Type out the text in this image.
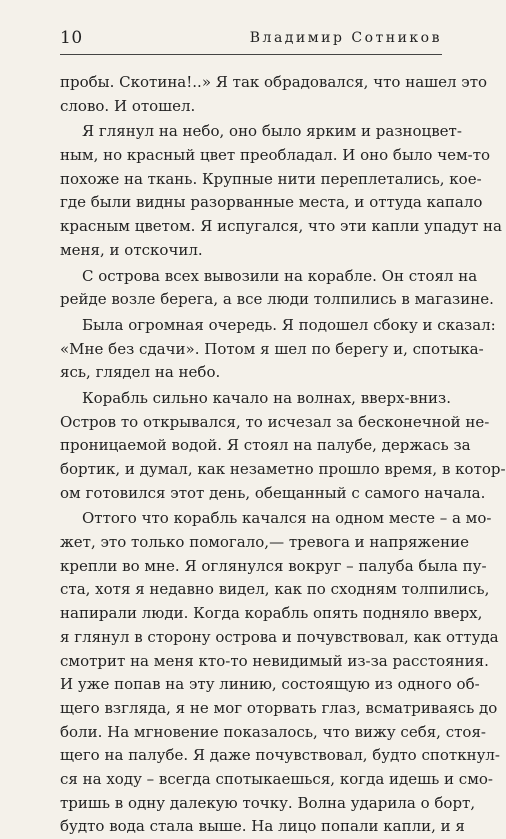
10	Владимир Сотников
пробы. Скотина!..» Я так обрадовался, что нашел это
слово. И отошел.
Я глянул на небо, оно было ярким и разноцвет-
ным, но красный цвет преобладал. И оно было чем-то
похоже на ткань. Крупные нити переплетались, кое-
где были видны разорванные места, и оттуда капало
красным цветом. Я испугался, что эти капли упадут на
меня, и отскочил.
С острова всех вывозили на корабле. Он стоял на
рейде возле берега, а все люди толпились в магазине.
Была огромная очередь. Я подошел сбоку и сказал:
«Мне без сдачи». Потом я шел по берегу и, спотыка-
ясь, глядел на небо.
Корабль сильно качало на волнах, вверх-вниз.
Остров то открывался, то исчезал за бесконечной не-
проницаемой водой. Я стоял на палубе, держась за
бортик, и думал, как незаметно прошло время, в котор-
ом готовился этот день, обещанный с самого начала.
Оттого что корабль качался на одном месте – а мо-
жет, это только помогало,— тревога и напряжение
крепли во мне. Я оглянулся вокруг – палуба была пу-
ста, хотя я недавно видел, как по сходням толпились,
напирали люди. Когда корабль опять подняло вверх,
я глянул в сторону острова и почувствовал, как оттуда
смотрит на меня кто-то невидимый из-за расстояния.
И уже попав на эту линию, состоящую из одного об-
щего взгляда, я не мог оторвать глаз, всматриваясь до
боли. На мгновение показалось, что вижу себя, стоя-
щего на палубе. Я даже почувствовал, будто споткнул-
ся на ходу – всегда спотыкаешься, когда идешь и смо-
тришь в одну далекую точку. Волна ударила о борт,
будто вода стала выше. На лицо попали капли, и я
